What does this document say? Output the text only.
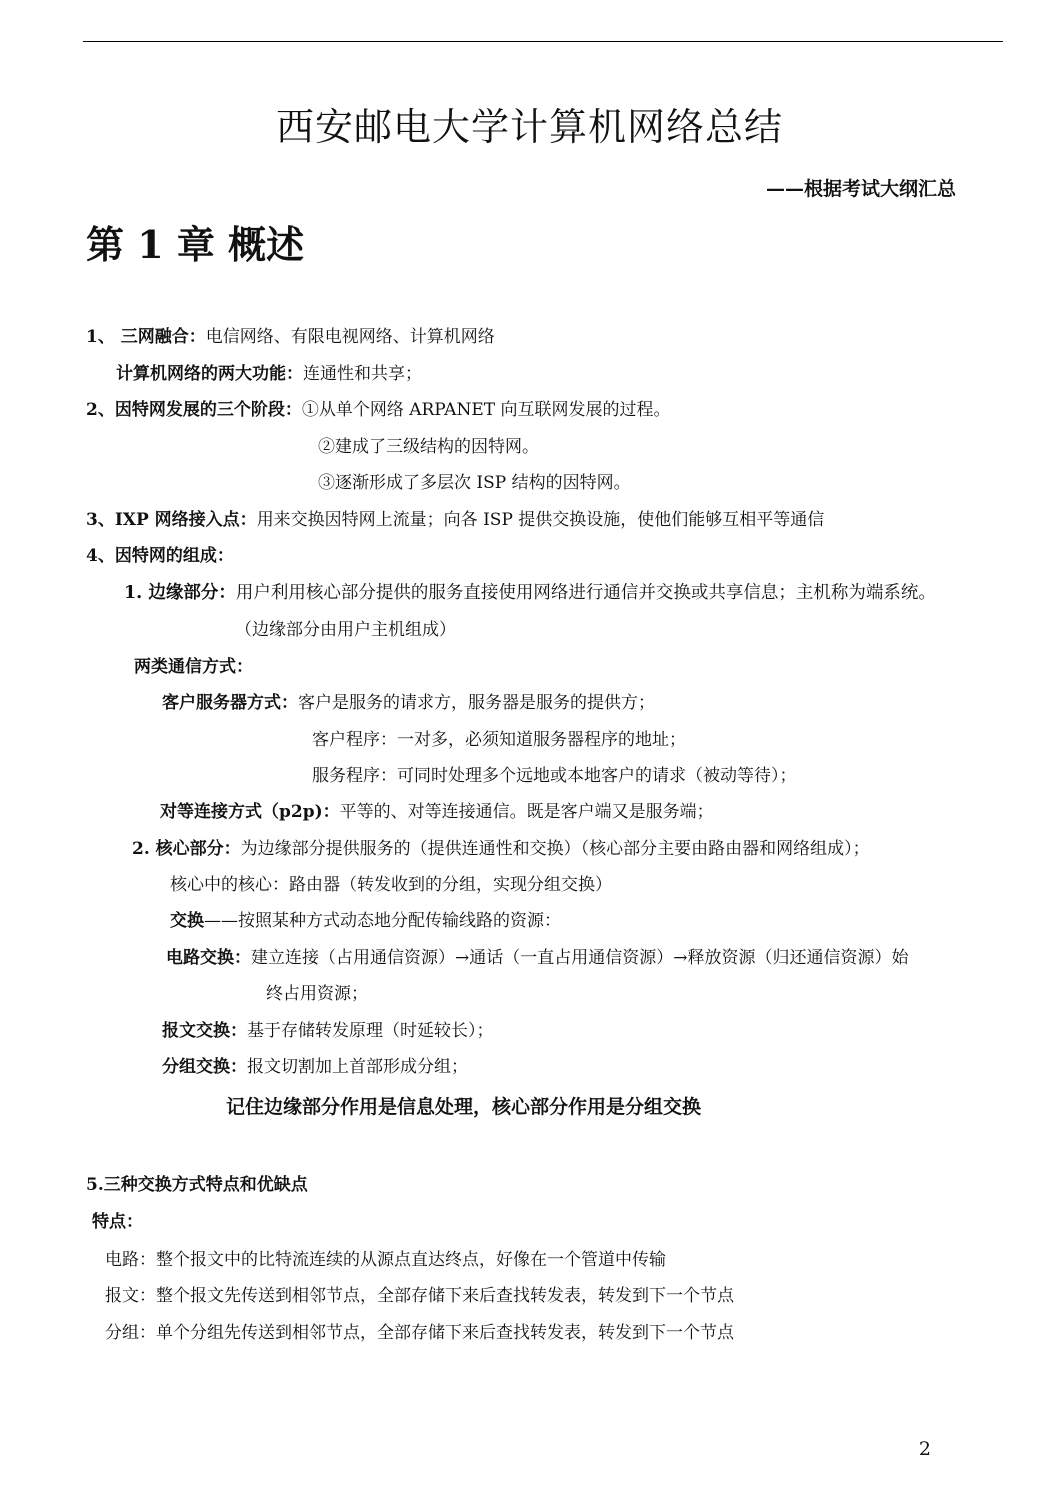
西安邮电大学计算机网络总结
——根据考试大纲汇总
第 1 章 概述
1、 三网融合：电信网络、有限电视网络、计算机网络
计算机网络的两大功能：连通性和共享；
2、因特网发展的三个阶段：①从单个网络 ARPANET 向互联网发展的过程。
②建成了三级结构的因特网。
③逐渐形成了多层次 ISP 结构的因特网。
3、IXP 网络接入点：用来交换因特网上流量；向各 ISP 提供交换设施，使他们能够互相平等通信
4、因特网的组成：
1. 边缘部分：用户利用核心部分提供的服务直接使用网络进行通信并交换或共享信息；主机称为端系统。
（边缘部分由用户主机组成）
两类通信方式：
客户服务器方式：客户是服务的请求方，服务器是服务的提供方；
客户程序：一对多，必须知道服务器程序的地址；
服务程序：可同时处理多个远地或本地客户的请求（被动等待）；
对等连接方式（p2p)：平等的、对等连接通信。既是客户端又是服务端；
2. 核心部分：为边缘部分提供服务的（提供连通性和交换）（核心部分主要由路由器和网络组成）；
核心中的核心：路由器（转发收到的分组，实现分组交换）
交换——按照某种方式动态地分配传输线路的资源：
电路交换：建立连接（占用通信资源）→通话（一直占用通信资源）→释放资源（归还通信资源）始
终占用资源；
报文交换：基于存储转发原理（时延较长）；
分组交换：报文切割加上首部形成分组；
记住边缘部分作用是信息处理，核心部分作用是分组交换
5.三种交换方式特点和优缺点
特点：
电路：整个报文中的比特流连续的从源点直达终点，好像在一个管道中传输
报文：整个报文先传送到相邻节点，全部存储下来后查找转发表，转发到下一个节点
分组：单个分组先传送到相邻节点，全部存储下来后查找转发表，转发到下一个节点
2
